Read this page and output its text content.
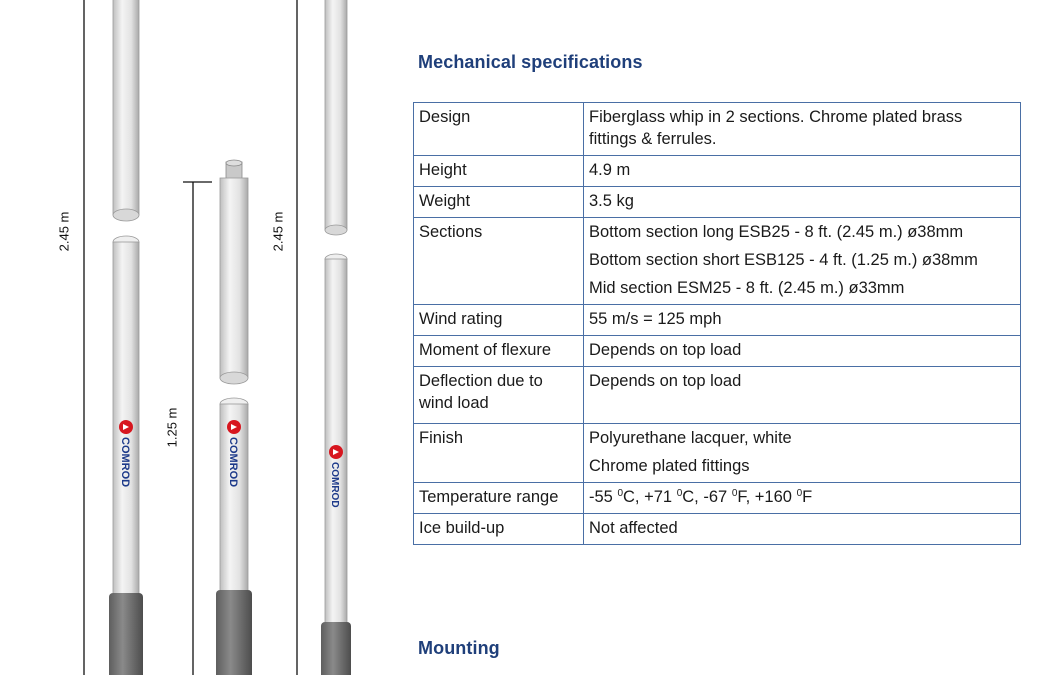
COMROD	COMROD	COMROD
2.45 m
1.25 m
2.45 m
Mechanical specifications
Design	Fiberglass whip in 2 sections. Chrome plated brass
fittings & ferrules.

Height	4.9 m
Weight	3.5 kg
Sections	Bottom section long ESB25 - 8 ft. (2.45 m.) ø38mm
Bottom section short ESB125 - 4 ft. (1.25 m.) ø38mm
Mid section ESM25 - 8 ft. (2.45 m.) ø33mm

Wind rating	55 m/s = 125 mph
Moment of flexure	Depends on top load
Deflection due to wind load	Depends on top load
Finish	Polyurethane lacquer, white
Chrome plated fittings

Temperature range	-55 $^0$C, +71 $^0$C, -67 $^0$F, +160 $^0$F
Ice build-up	Not affected
Mounting
